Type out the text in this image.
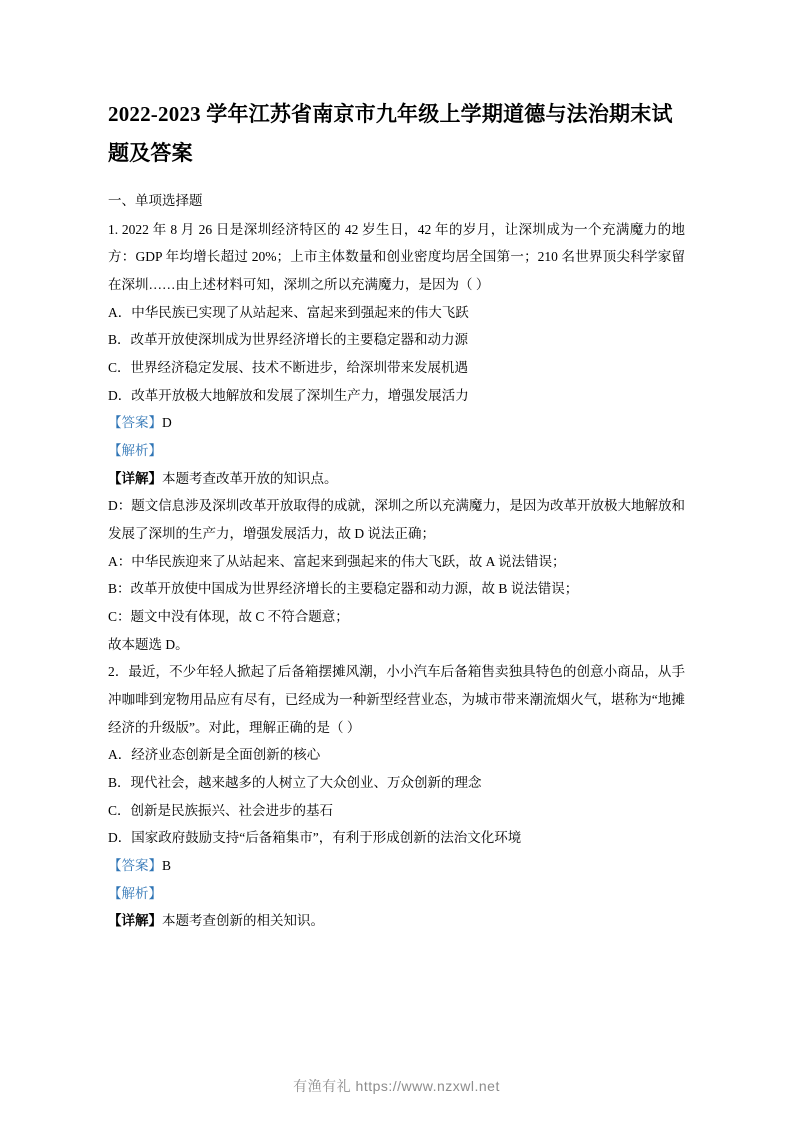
2022-2023 学年江苏省南京市九年级上学期道德与法治期末试题及答案

一、单项选择题

1. 2022 年 8 月 26 日是深圳经济特区的 42 岁生日，42 年的岁月，让深圳成为一个充满魔力的地方：GDP 年均增长超过 20%；上市主体数量和创业密度均居全国第一；210 名世界顶尖科学家留在深圳……由上述材料可知，深圳之所以充满魔力，是因为（ ）

A．中华民族已实现了从站起来、富起来到强起来的伟大飞跃

B．改革开放使深圳成为世界经济增长的主要稳定器和动力源

C．世界经济稳定发展、技术不断进步，给深圳带来发展机遇

D．改革开放极大地解放和发展了深圳生产力，增强发展活力

【答案】D

【解析】

【详解】本题考查改革开放的知识点。

D：题文信息涉及深圳改革开放取得的成就，深圳之所以充满魔力，是因为改革开放极大地解放和发展了深圳的生产力，增强发展活力，故 D 说法正确；

A：中华民族迎来了从站起来、富起来到强起来的伟大飞跃，故 A 说法错误；

B：改革开放使中国成为世界经济增长的主要稳定器和动力源，故 B 说法错误；

C：题文中没有体现，故 C 不符合题意；

故本题选 D。

2．最近，不少年轻人掀起了后备箱摆摊风潮，小小汽车后备箱售卖独具特色的创意小商品，从手冲咖啡到宠物用品应有尽有，已经成为一种新型经营业态，为城市带来潮流烟火气，堪称为“地摊经济的升级版”。对此，理解正确的是（ ）

A．经济业态创新是全面创新的核心

B．现代社会，越来越多的人树立了大众创业、万众创新的理念

C．创新是民族振兴、社会进步的基石

D．国家政府鼓励支持“后备箱集市”，有利于形成创新的法治文化环境

【答案】B

【解析】

【详解】本题考查创新的相关知识。

有渔有礼 https://www.nzxwl.net
